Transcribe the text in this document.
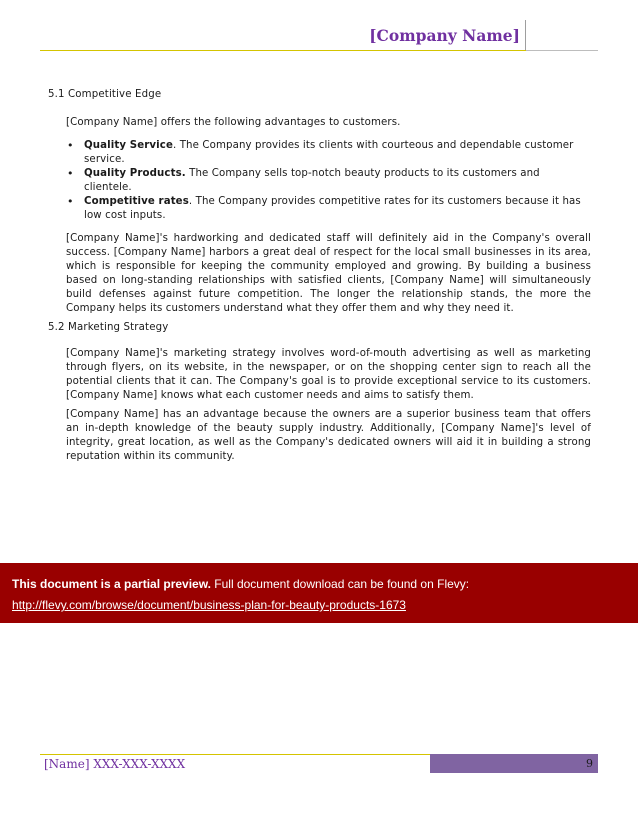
[Company Name]
5.1 Competitive Edge
[Company Name] offers the following advantages to customers.
• Quality Service. The Company provides its clients with courteous and dependable customer service.
• Quality Products. The Company sells top-notch beauty products to its customers and clientele.
• Competitive rates. The Company provides competitive rates for its customers because it has low cost inputs.
[Company Name]'s hardworking and dedicated staff will definitely aid in the Company's overall success. [Company Name] harbors a great deal of respect for the local small businesses in its area, which is responsible for keeping the community employed and growing. By building a business based on long-standing relationships with satisfied clients, [Company Name] will simultaneously build defenses against future competition. The longer the relationship stands, the more the Company helps its customers understand what they offer them and why they need it.
5.2 Marketing Strategy
[Company Name]'s marketing strategy involves word-of-mouth advertising as well as marketing through flyers, on its website, in the newspaper, or on the shopping center sign to reach all the potential clients that it can. The Company's goal is to provide exceptional service to its customers. [Company Name] knows what each customer needs and aims to satisfy them.
[Company Name] has an advantage because the owners are a superior business team that offers an in-depth knowledge of the beauty supply industry. Additionally, [Company Name]'s level of integrity, great location, as well as the Company's dedicated owners will aid it in building a strong reputation within its community.
This document is a partial preview. Full document download can be found on Flevy:
http://flevy.com/browse/document/business-plan-for-beauty-products-1673
[Name] XXX-XXX-XXXX	9
